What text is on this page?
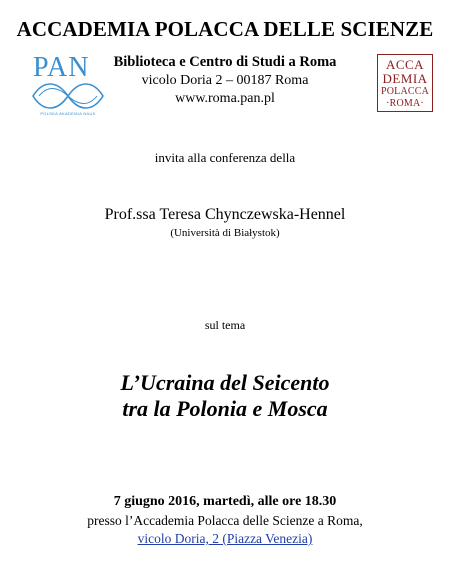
ACCADEMIA POLACCA DELLE SCIENZE
PAN
POLSKA AKADEMIA NAUK
Biblioteca e Centro di Studi a Roma
vicolo Doria 2 – 00187 Roma
www.roma.pan.pl
ACCA
DEMIA
POLACCA
·ROMA·
invita alla conferenza della
Prof.ssa Teresa Chynczewska-Hennel
(Università di Białystok)
sul tema
L’Ucraina del Seicento
tra la Polonia e Mosca
7 giugno 2016, martedì, alle ore 18.30
presso l’Accademia Polacca delle Scienze a Roma,
vicolo Doria, 2 (Piazza Venezia)
